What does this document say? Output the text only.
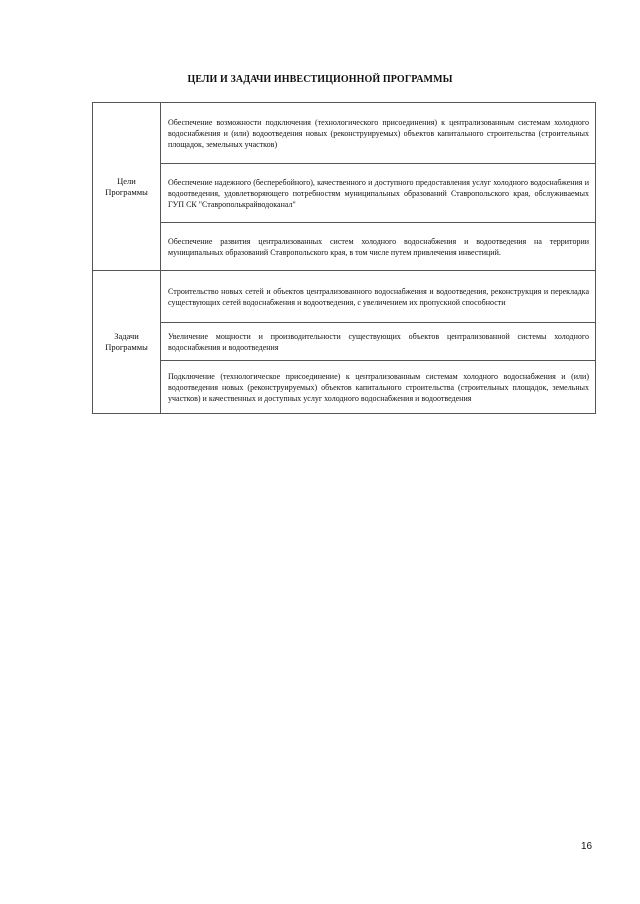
ЦЕЛИ И ЗАДАЧИ ИНВЕСТИЦИОННОЙ ПРОГРАММЫ
Цели
Программы
Обеспечение возможности подключения (технологического присоединения) к централизованным системам холодного водоснабжения и (или) водоотведения новых (реконструируемых) объектов капитального строительства (строительных площадок, земельных участков)
Обеспечение надежного (бесперебойного), качественного и доступного предоставления услуг холодного водоснабжения и водоотведения, удовлетворяющего потребностям муниципальных образований Ставропольского края, обслуживаемых ГУП СК "Ставрополькрайводоканал"
Обеспечение развития централизованных систем холодного водоснабжения и водоотведения на территории муниципальных образований Ставропольского края, в том числе путем привлечения инвестиций.
Задачи
Программы
Строительство новых сетей и объектов централизованного водоснабжения и водоотведения, реконструкция и перекладка существующих сетей водоснабжения и водоотведения, с увеличением их пропускной способности
Увеличение мощности и производительности существующих объектов централизованной системы холодного водоснабжения и водоотведения
Подключение (технологическое присоединение) к централизованным системам холодного водоснабжения и (или) водоотведения новых (реконструируемых) объектов капитального строительства (строительных площадок, земельных участков) и качественных и доступных услуг холодного водоснабжения и водоотведения
16
